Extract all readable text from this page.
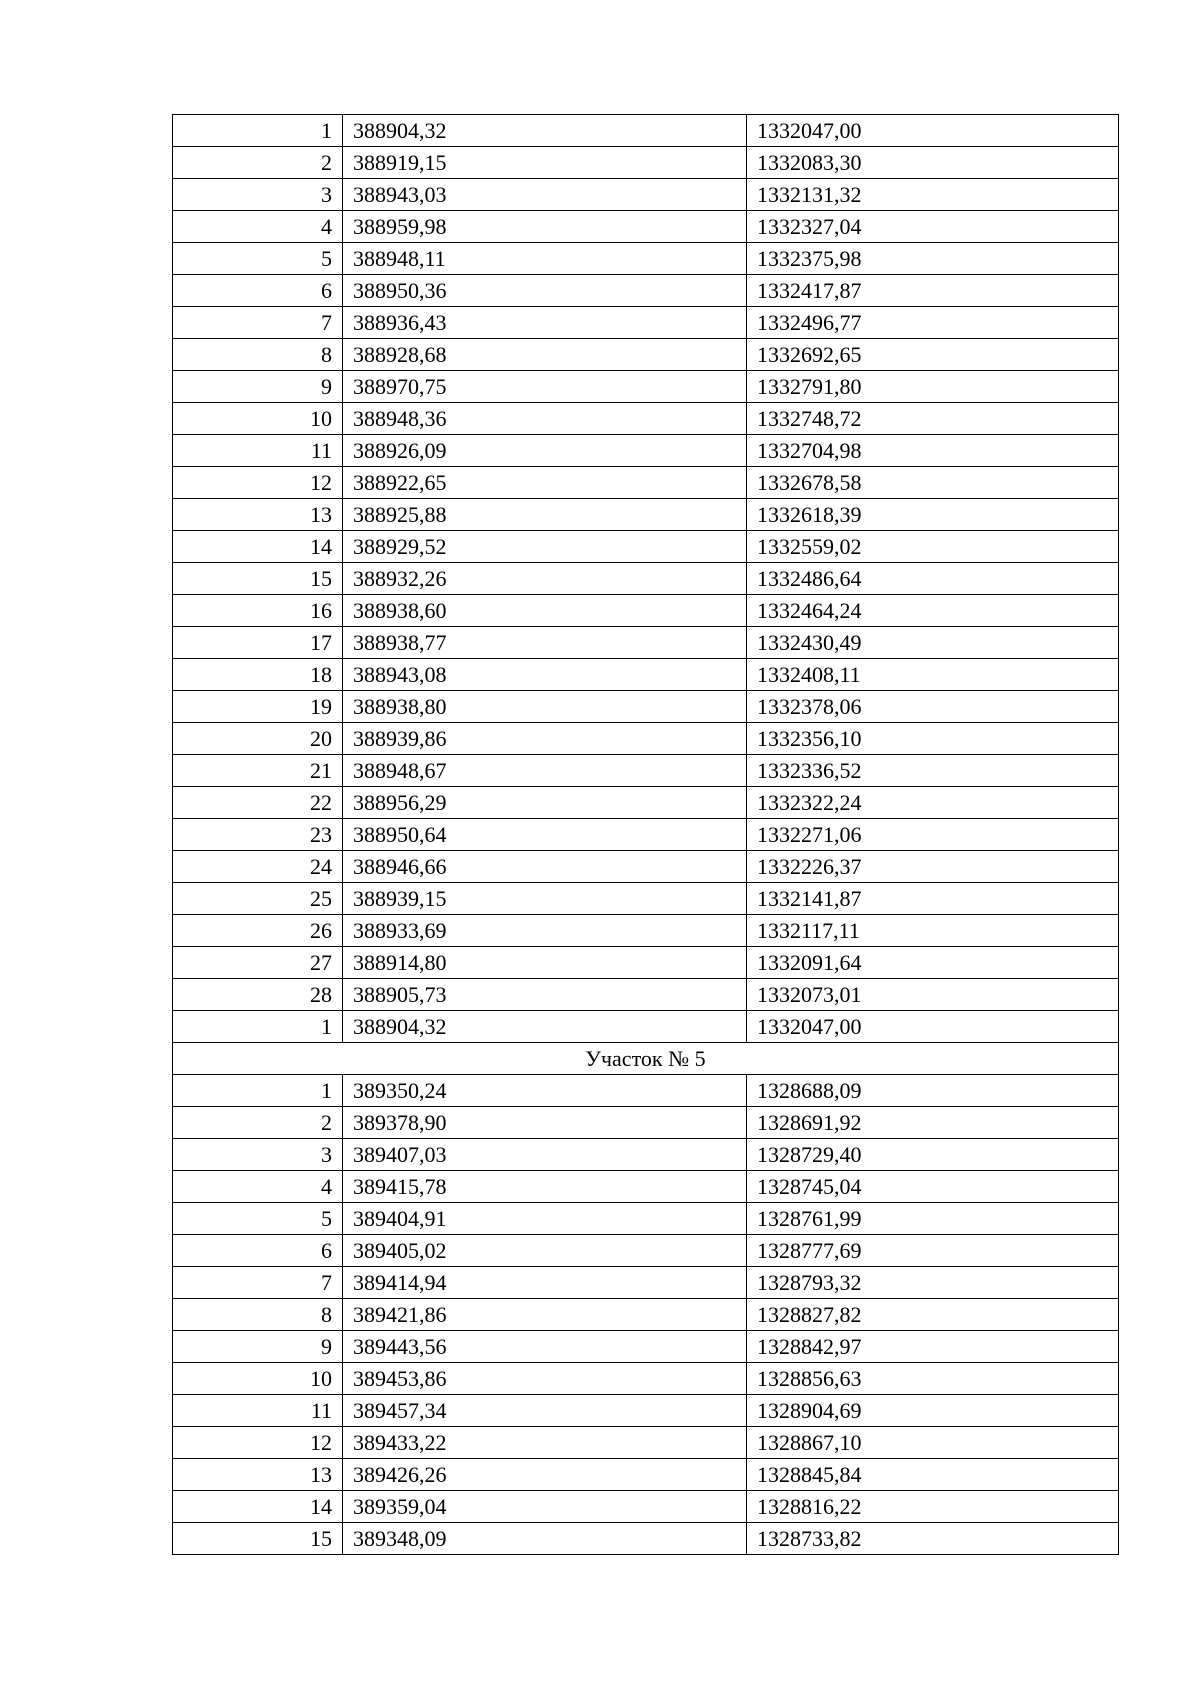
1	388904,32	1332047,00
2	388919,15	1332083,30
3	388943,03	1332131,32
4	388959,98	1332327,04
5	388948,11	1332375,98
6	388950,36	1332417,87
7	388936,43	1332496,77
8	388928,68	1332692,65
9	388970,75	1332791,80
10	388948,36	1332748,72
11	388926,09	1332704,98
12	388922,65	1332678,58
13	388925,88	1332618,39
14	388929,52	1332559,02
15	388932,26	1332486,64
16	388938,60	1332464,24
17	388938,77	1332430,49
18	388943,08	1332408,11
19	388938,80	1332378,06
20	388939,86	1332356,10
21	388948,67	1332336,52
22	388956,29	1332322,24
23	388950,64	1332271,06
24	388946,66	1332226,37
25	388939,15	1332141,87
26	388933,69	1332117,11
27	388914,80	1332091,64
28	388905,73	1332073,01
1	388904,32	1332047,00
Участок № 5		
1	389350,24	1328688,09
2	389378,90	1328691,92
3	389407,03	1328729,40
4	389415,78	1328745,04
5	389404,91	1328761,99
6	389405,02	1328777,69
7	389414,94	1328793,32
8	389421,86	1328827,82
9	389443,56	1328842,97
10	389453,86	1328856,63
11	389457,34	1328904,69
12	389433,22	1328867,10
13	389426,26	1328845,84
14	389359,04	1328816,22
15	389348,09	1328733,82
